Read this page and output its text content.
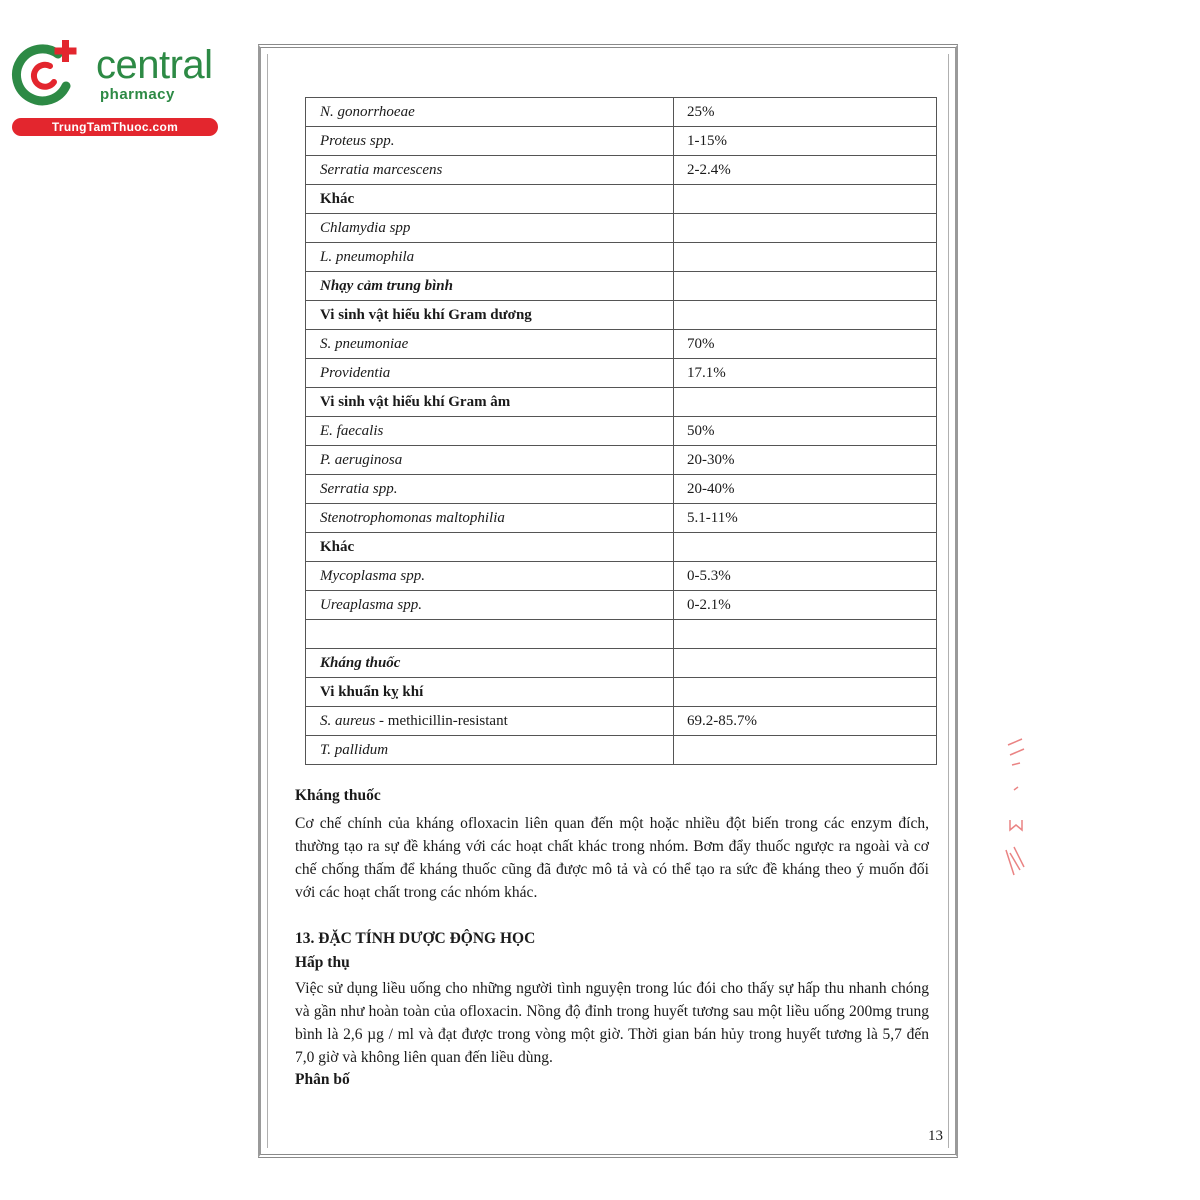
central
pharmacy
TrungTamThuoc.com
N. gonorrhoeae	25%
Proteus spp.	1-15%
Serratia marcescens	2-2.4%
Khác	
Chlamydia spp	
L. pneumophila	
Nhạy cảm trung bình	
Vi sinh vật hiếu khí Gram dương	
S. pneumoniae	70%
Providentia	17.1%
Vi sinh vật hiếu khí Gram âm	
E. faecalis	50%
P. aeruginosa	20-30%
Serratia spp.	20-40%
Stenotrophomonas maltophilia	5.1-11%
Khác	
Mycoplasma spp.	0-5.3%
Ureaplasma spp.	0-2.1%

Kháng thuốc	
Vi khuẩn kỵ khí	
S. aureus - methicillin-resistant	69.2-85.7%
T. pallidum	
Kháng thuốc
Cơ chế chính của kháng ofloxacin liên quan đến một hoặc nhiều đột biến trong các enzym đích, thường tạo ra sự đề kháng với các hoạt chất khác trong nhóm. Bơm đẩy thuốc ngược ra ngoài và cơ chế chống thấm để kháng thuốc cũng đã được mô tả và có thể tạo ra sức đề kháng theo ý muốn đối với các hoạt chất trong các nhóm khác.
13. ĐẶC TÍNH DƯỢC ĐỘNG HỌC
Hấp thụ
Việc sử dụng liều uống cho những người tình nguyện trong lúc đói cho thấy sự hấp thu nhanh chóng và gần như hoàn toàn của ofloxacin. Nồng độ đỉnh trong huyết tương sau một liều uống 200mg trung bình là 2,6 µg / ml và đạt được trong vòng một giờ. Thời gian bán hủy trong huyết tương là 5,7 đến 7,0 giờ và không liên quan đến liều dùng.
Phân bố
13
